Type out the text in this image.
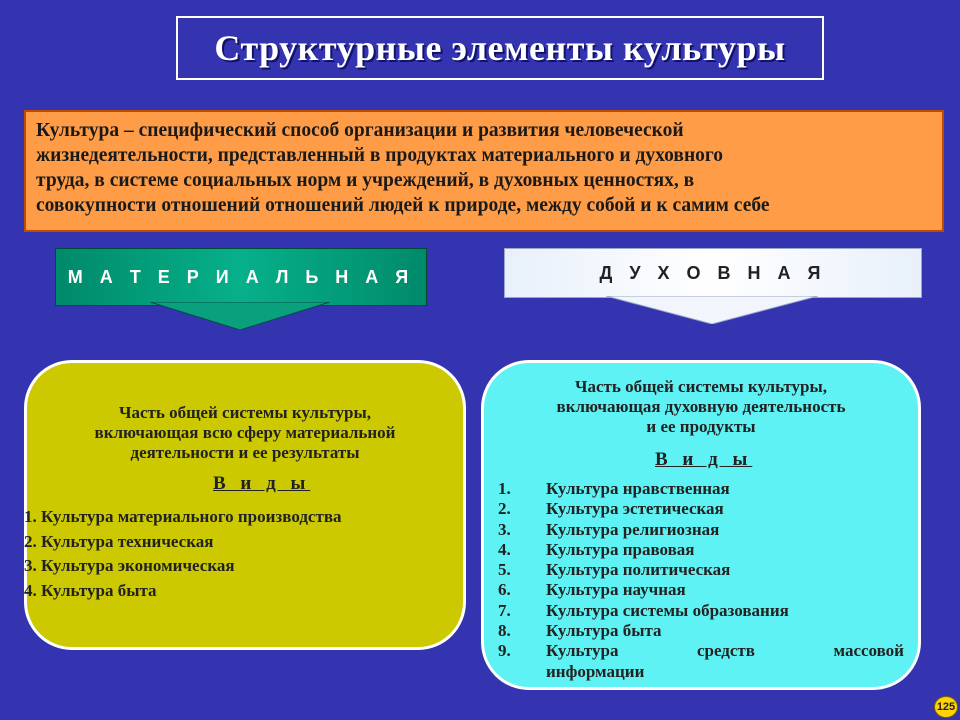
Структурные элементы культуры
Культура – специфический способ организации и развития человеческой
жизнедеятельности, представленный в продуктах материального и духовного
труда, в системе социальных норм и учреждений, в духовных ценностях, в
совокупности отношений отношений людей к природе, между собой и к самим себе
М А Т Е Р И А Л Ь Н А Я	Д У Х О В Н А Я
Часть общей системы культуры,
включающая всю сферу материальной
деятельности и ее результаты
В и д ы
1. Культура материального производства
2. Культура техническая
3. Культура экономическая
4. Культура быта
Часть общей системы культуры,
включающая духовную деятельность
и ее продукты
В и д ы
1.	Культура нравственная
2.	Культура эстетическая
3.	Культура религиозная
4.	Культура правовая
5.	Культура политическая
6.	Культура научная
7.	Культура системы образования
8.	Культура быта
9.	Культура	средств	массовой
информации
125
